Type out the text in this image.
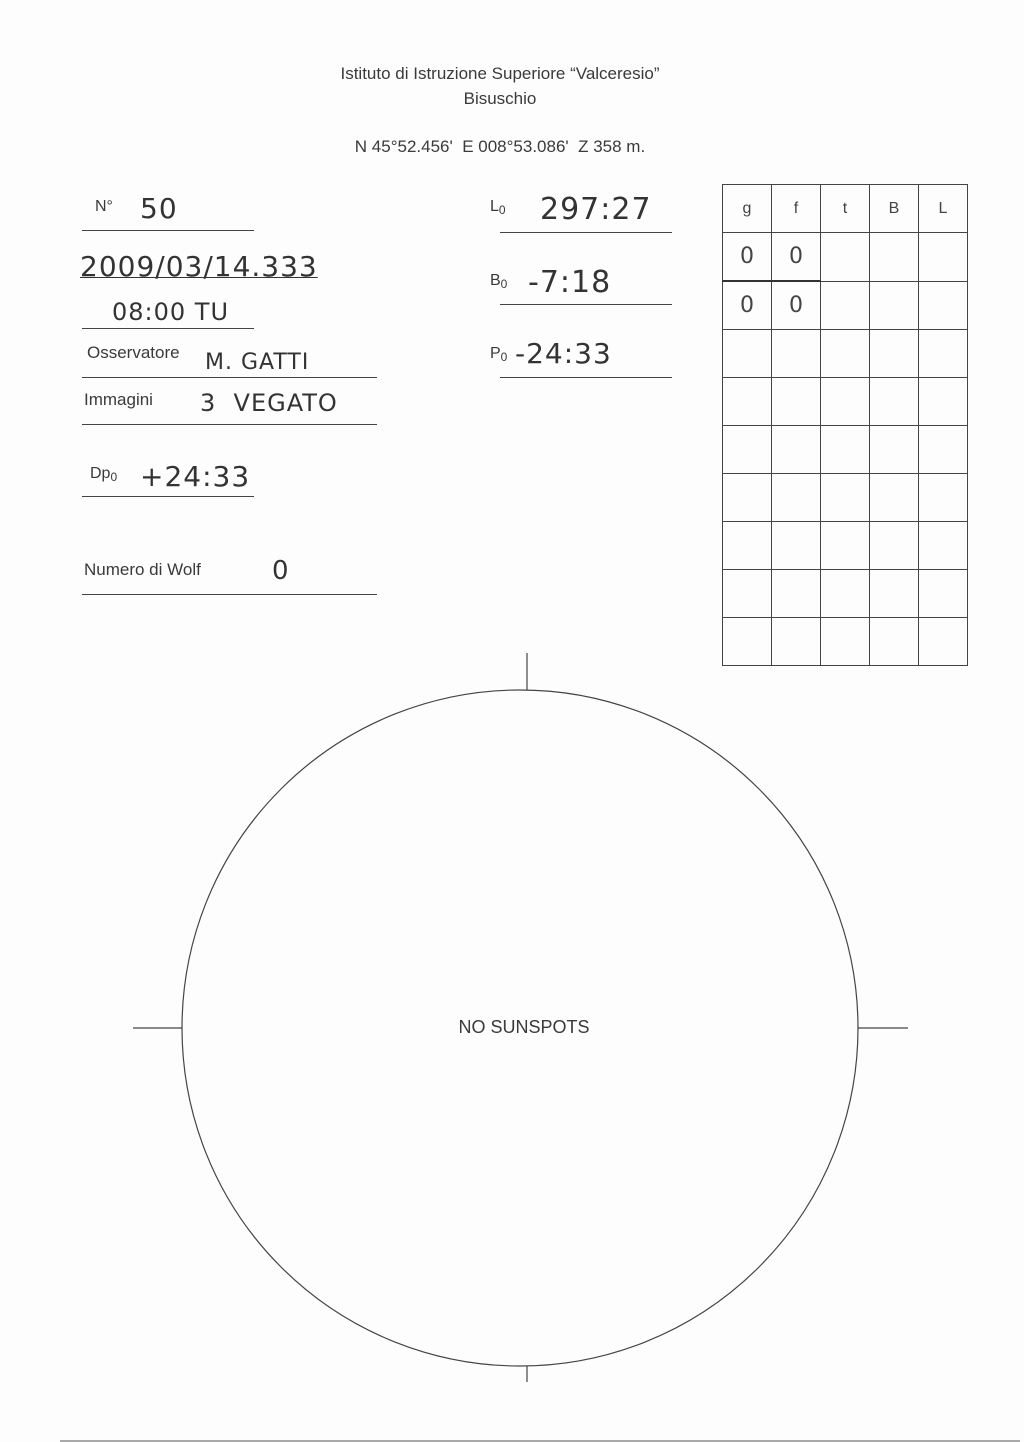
Istituto di Istruzione Superiore “Valceresio”
Bisuschio
N 45°52.456'  E 008°53.086'  Z 358 m.
N° 50
2009/03/14.333
08:00 TU
Osservatore M. GATTI
Immagini 3  VEGATO
$Dp_0$ +24:33
Numero di Wolf	0
$L_0$ 297:27
$B_0$ -7:18
$P_0$ -24:33
g	f	t	B	L
0	0			
0	0			

NO SUNSPOTS
